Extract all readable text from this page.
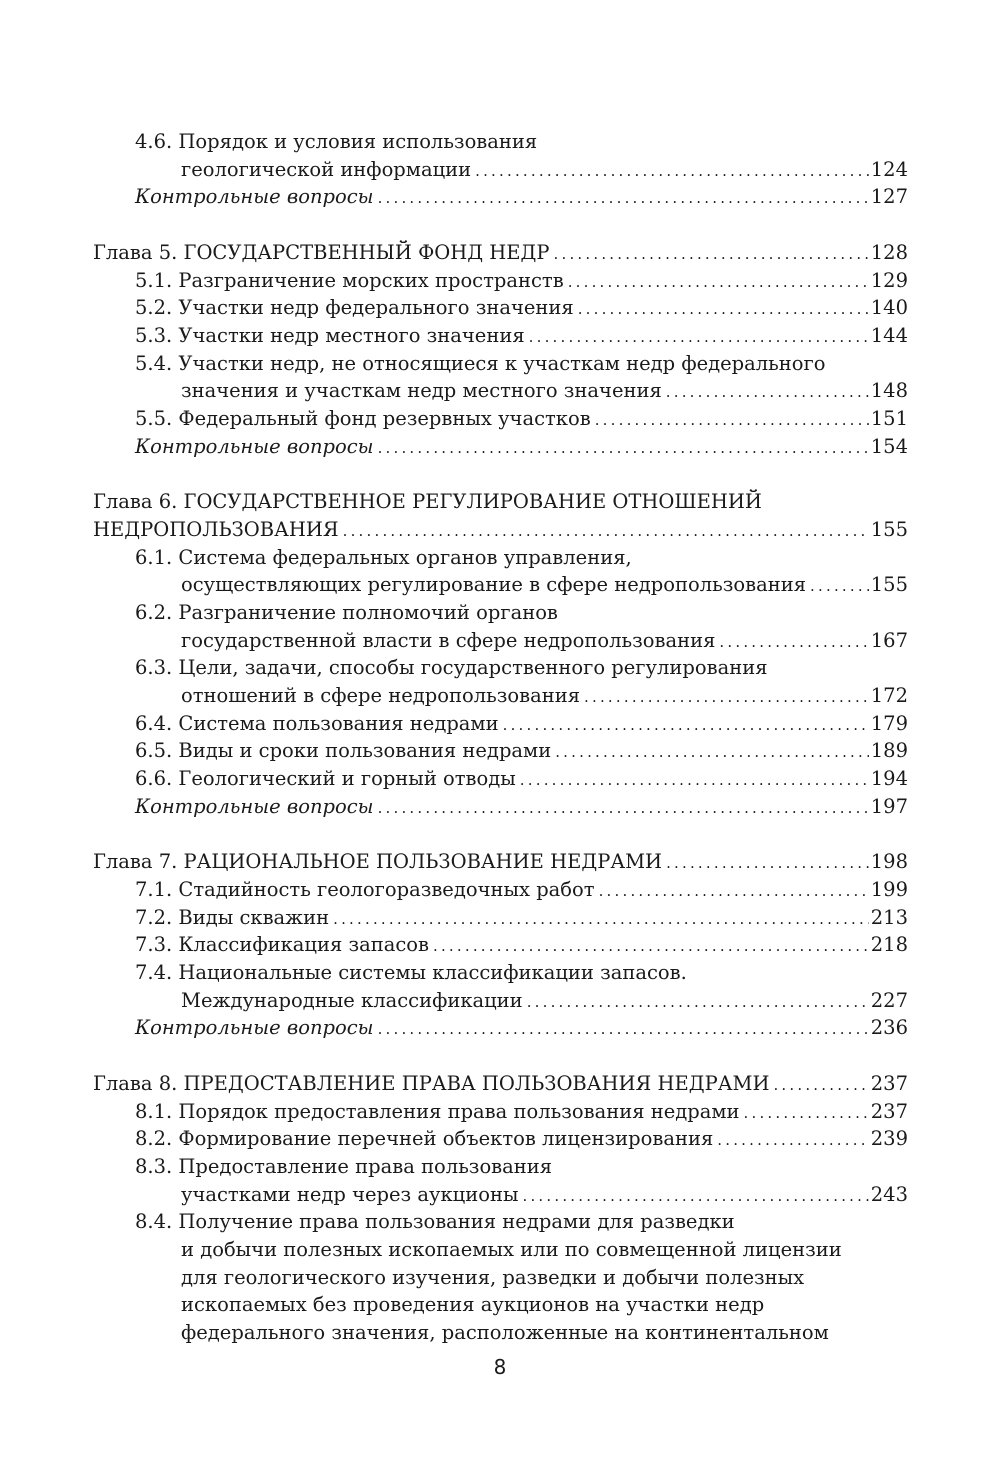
4.6.
Порядок и условия использования
геологической информации .....	124
Контрольные вопросы .....	127
Глава 5. ГОСУДАРСТВЕННЫЙ ФОНД НЕДР .....	128
5.1. Разграничение морских пространств .....	129
5.2. Участки недр федерального значения .....	140
5.3. Участки недр местного значения .....	144
5.4. Участки недр, не относящиеся к участкам недр федерального
значения и участкам недр местного значения .....	148
5.5. Федеральный фонд резервных участков .....	151
Контрольные вопросы .....	154
Глава 6. ГОСУДАРСТВЕННОЕ РЕГУЛИРОВАНИЕ ОТНОШЕНИЙ
НЕДРОПОЛЬЗОВАНИЯ .....	155
6.1. Система федеральных органов управления,
осуществляющих регулирование в сфере недропользования .....	155
6.2. Разграничение полномочий органов
государственной власти в сфере недропользования .....	167
6.3. Цели, задачи, способы государственного регулирования
отношений в сфере недропользования .....	172
6.4. Система пользования недрами .....	179
6.5. Виды и сроки пользования недрами .....	189
6.6. Геологический и горный отводы .....	194
Контрольные вопросы .....	197
Глава 7. РАЦИОНАЛЬНОЕ ПОЛЬЗОВАНИЕ НЕДРАМИ .....	198
7.1. Стадийность геологоразведочных работ .....	199
7.2. Виды скважин .....	213
7.3. Классификация запасов .....	218
7.4. Национальные системы классификации запасов.
Международные классификации .....	227
Контрольные вопросы .....	236
Глава 8. ПРЕДОСТАВЛЕНИЕ ПРАВА ПОЛЬЗОВАНИЯ НЕДРАМИ .....	237
8.1. Порядок предоставления права пользования недрами .....	237
8.2. Формирование перечней объектов лицензирования .....	239
8.3. Предоставление права пользования
участками недр через аукционы .....	243
8.4. Получение права пользования недрами для разведки
и добычи полезных ископаемых или по совмещенной лицензии
для геологического изучения, разведки и добычи полезных
ископаемых без проведения аукционов на участки недр
федерального значения, расположенные на континентальном
8
